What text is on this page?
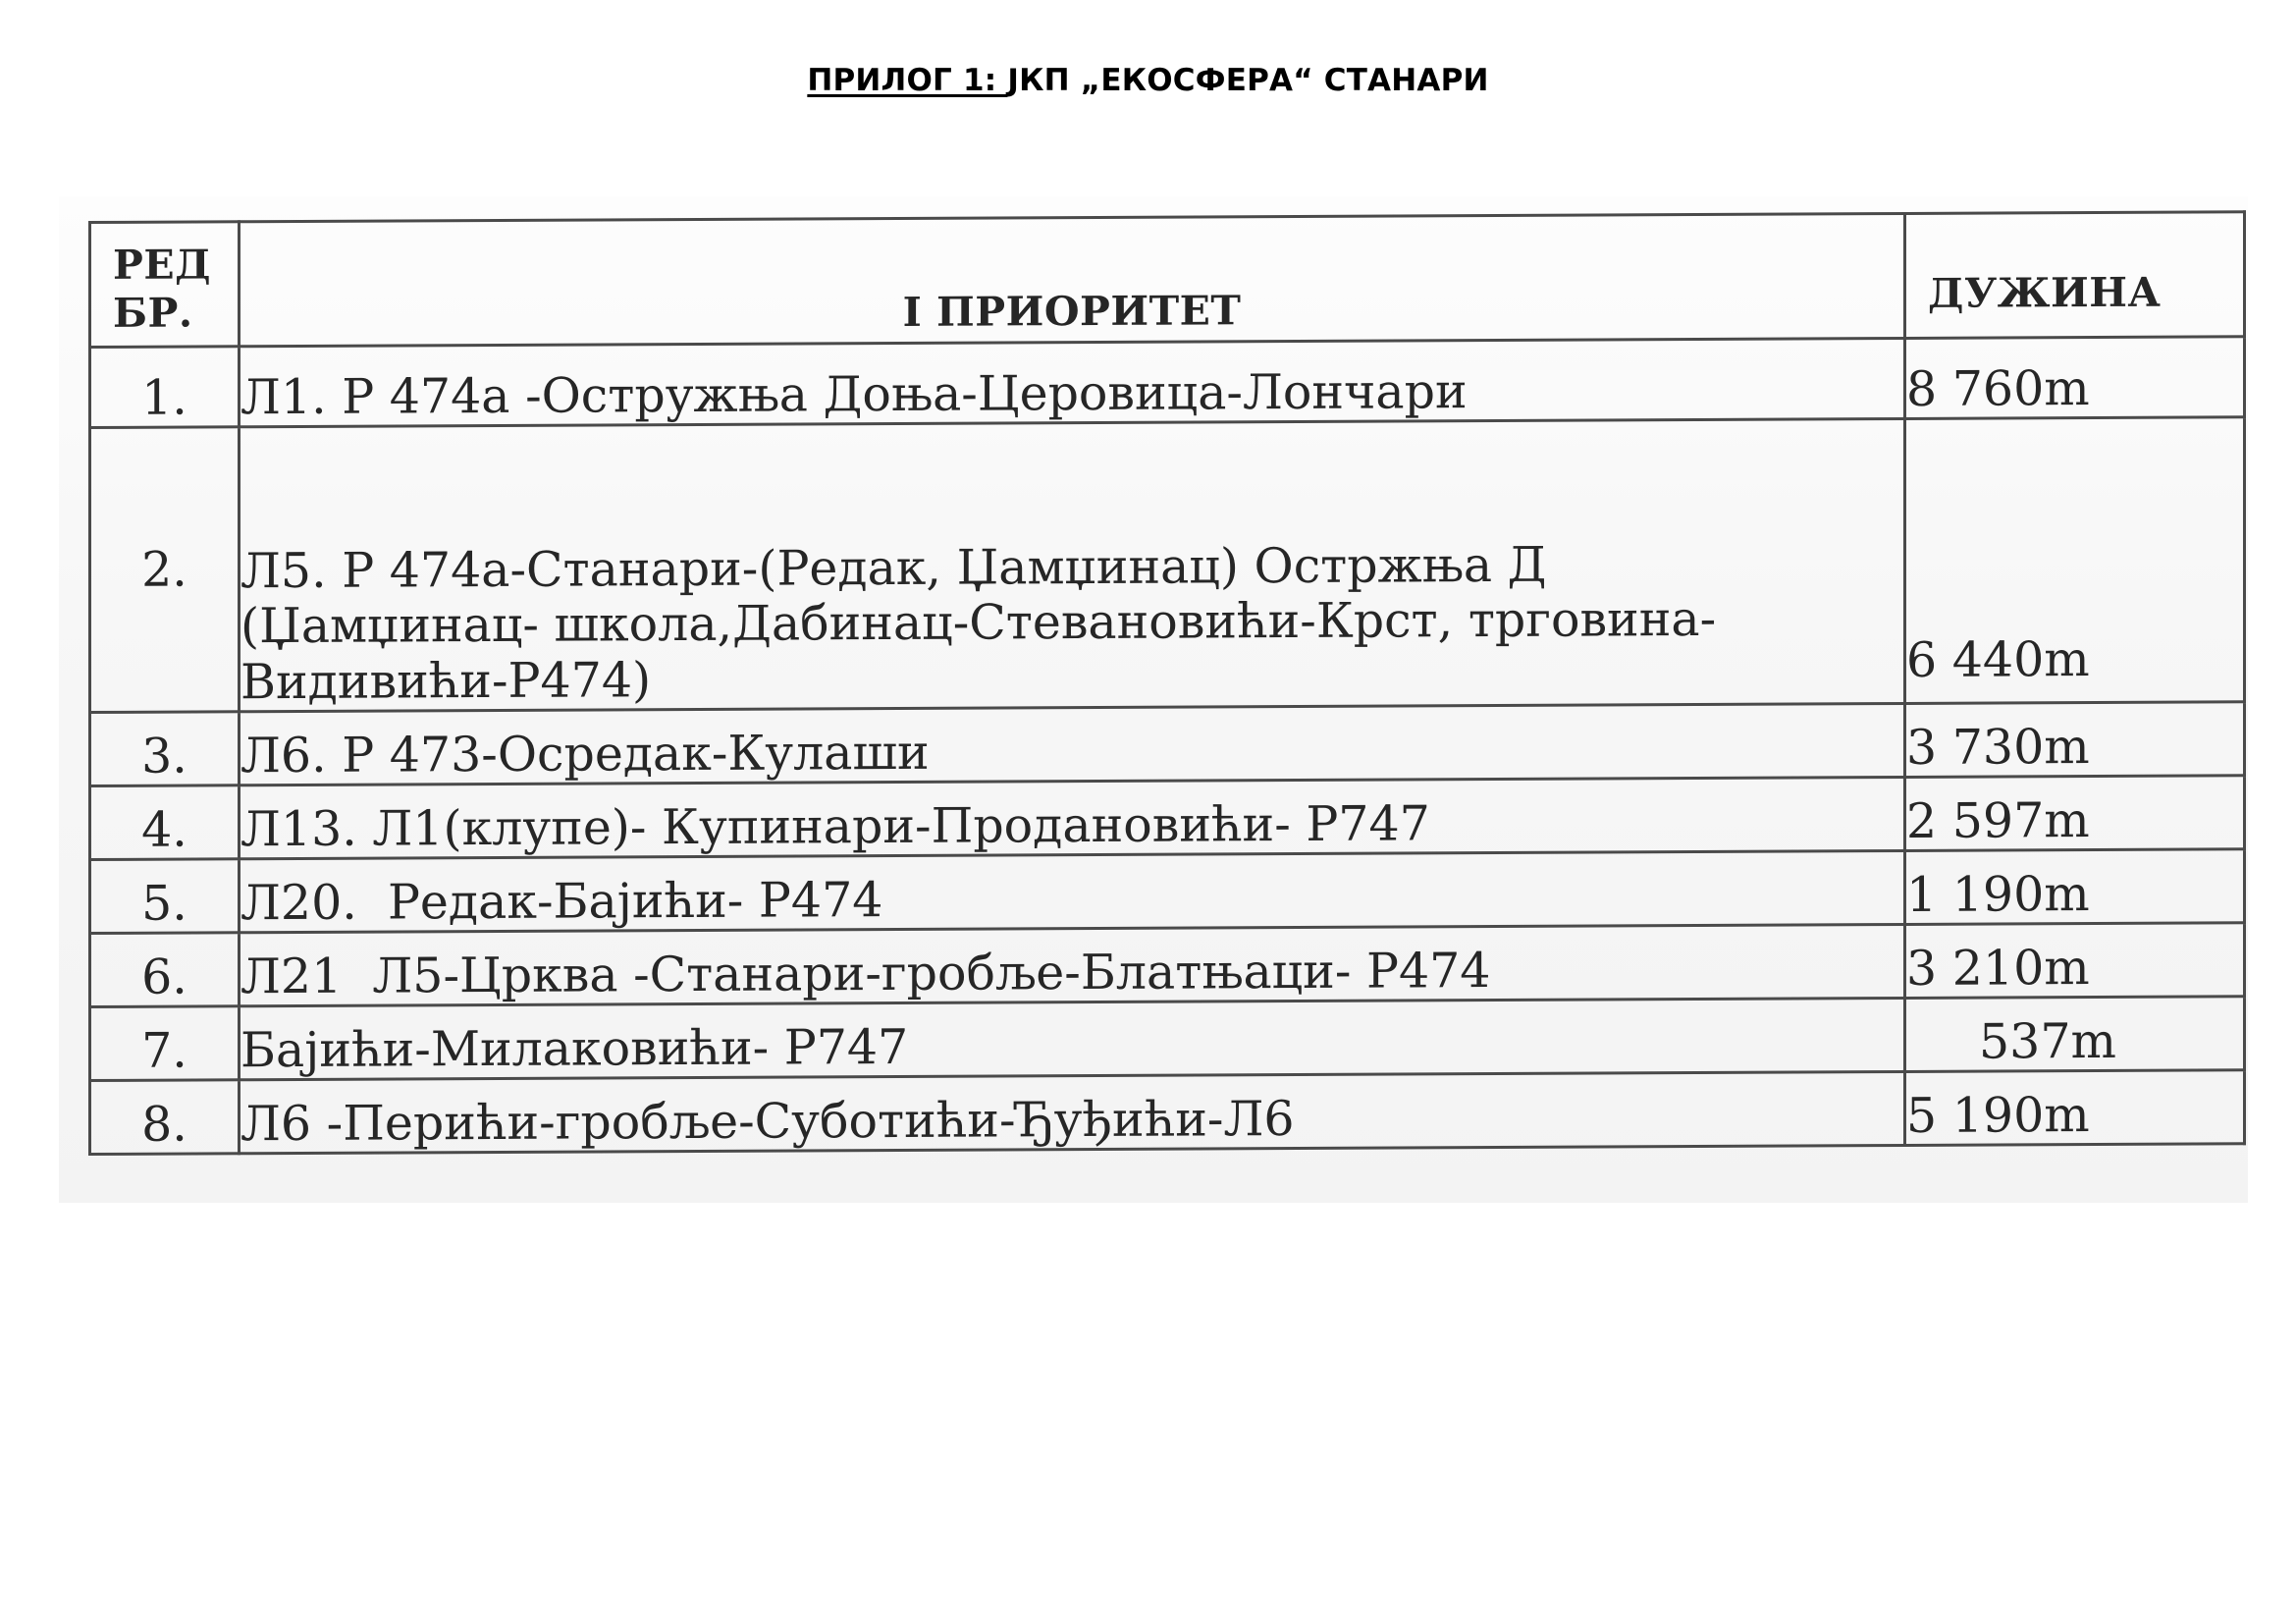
ПРИЛОГ 1: ЈКП „ЕКОСФЕРА“ СТАНАРИ
РЕД
БР.	I ПРИОРИТЕТ	ДУЖИНА
1.	Л1. Р 474а -Остружња Доња-Церовица-Лончари	8 760m
2.	Л5. Р 474а-Станари-(Редак, Џамџинац) Остржња Д
(Џамџинац- школа,Дабинац-Стевановићи-Крст, трговина-
Видивићи-Р474)	6 440m
3.	Л6. Р 473-Осредак-Кулаши	3 730m
4.	Л13. Л1(клупе)- Купинари-Продановићи- Р747	2 597m
5.	Л20.  Редак-Бајићи- Р474	1 190m
6.	Л21  Л5-Црква -Станари-гробље-Блатњаци- Р474	3 210m
7.	Бајићи-Милаковићи- Р747	537m
8.	Л6 -Перићи-гробље-Суботићи-Ђуђићи-Л6	5 190m
